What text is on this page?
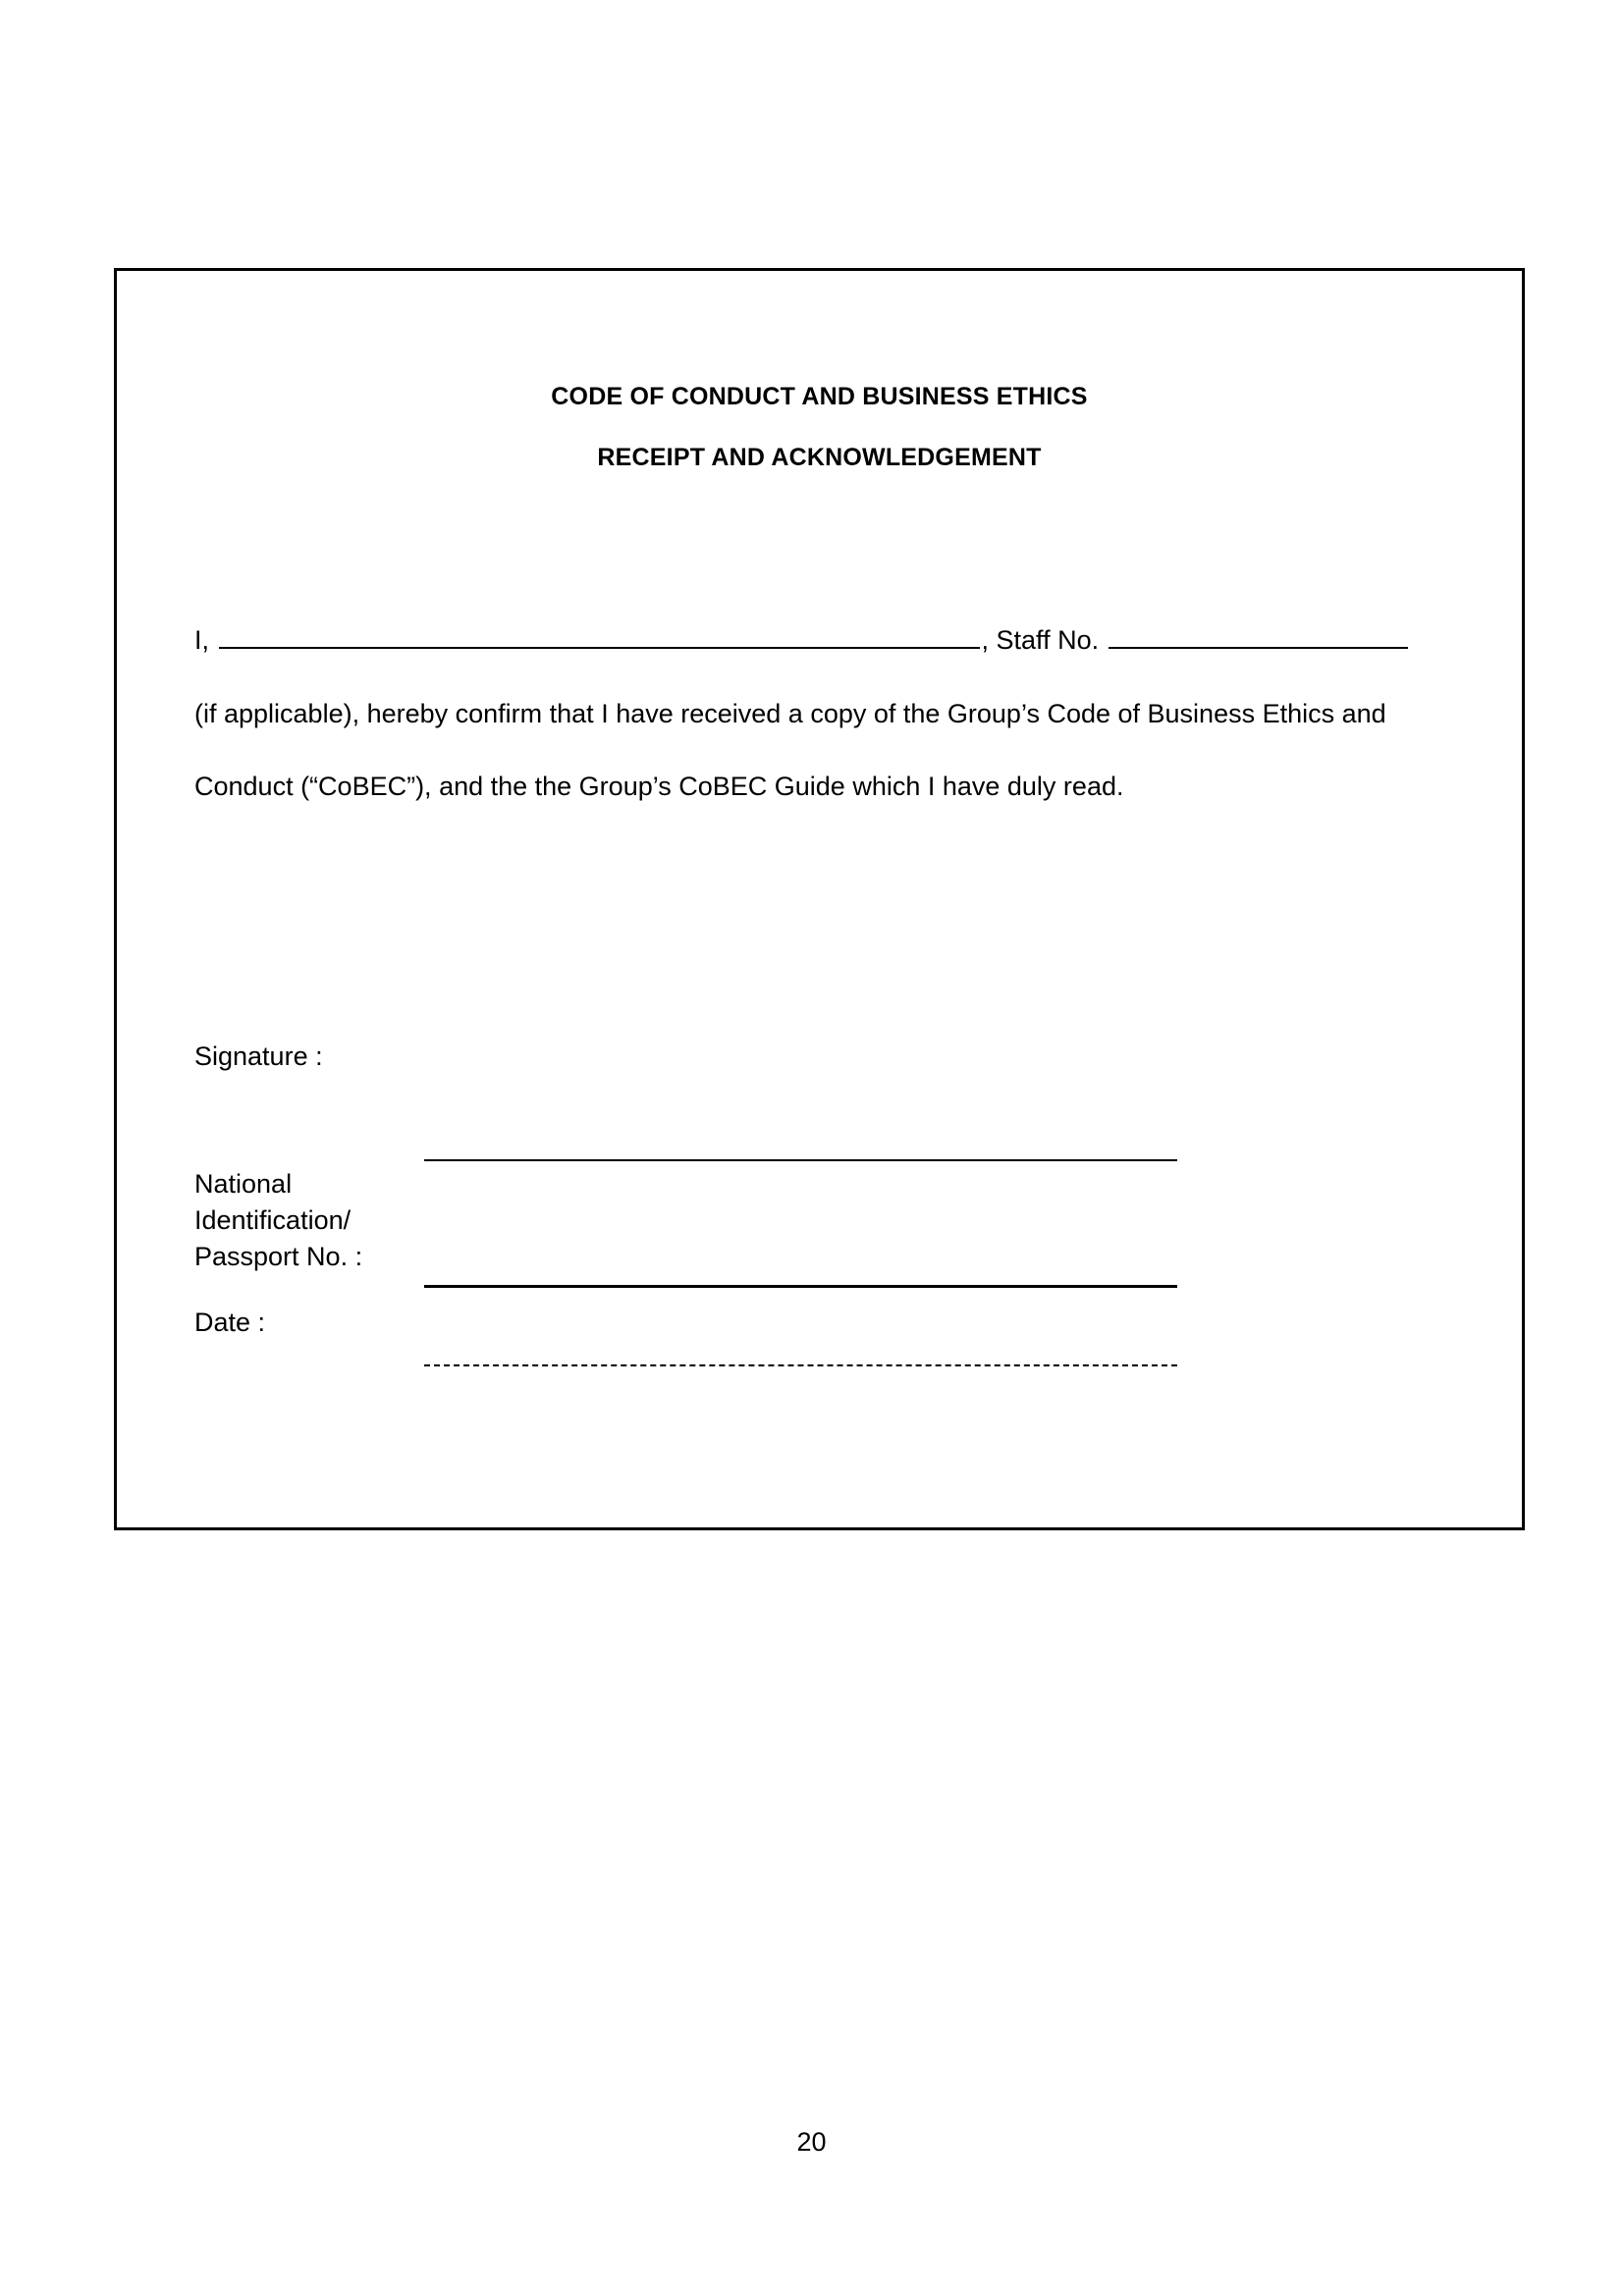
CODE OF CONDUCT AND BUSINESS ETHICS
RECEIPT AND ACKNOWLEDGEMENT
I,	, Staff No.
(if applicable), hereby confirm that I have received a copy of the Group’s Code of Business Ethics and
Conduct (“CoBEC”), and the the Group’s CoBEC Guide which I have duly read.
Signature :
National Identification/ Passport No. :
Date :
20
